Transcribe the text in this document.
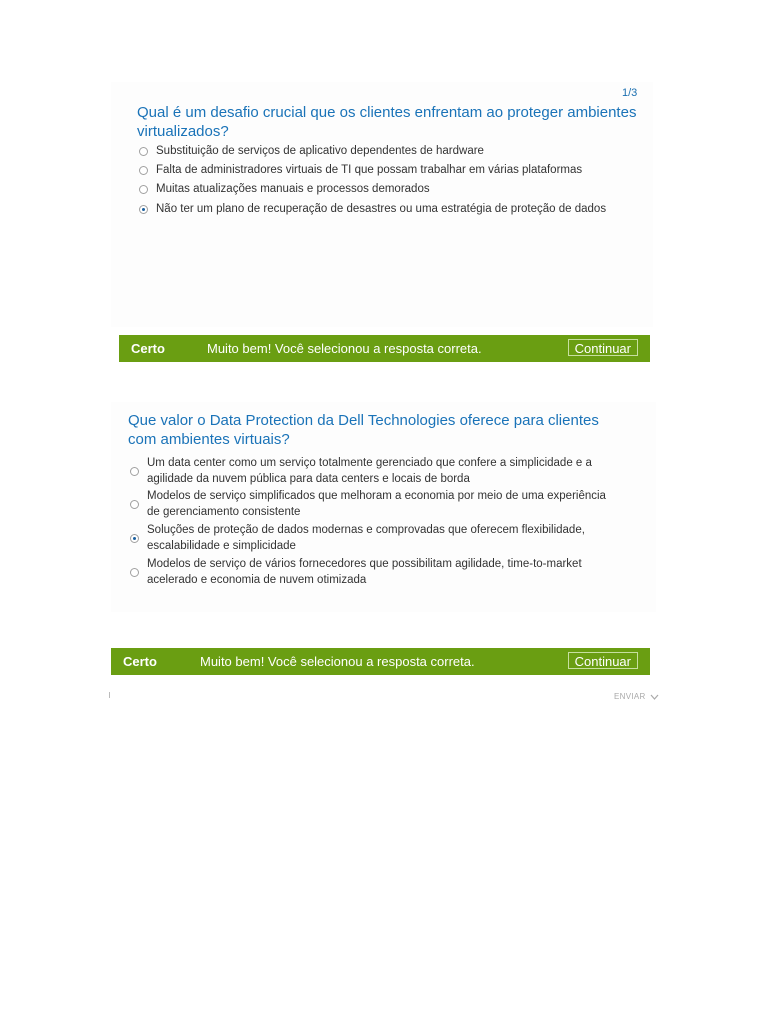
1/3
Qual é um desafio crucial que os clientes enfrentam ao proteger ambientes virtualizados?
Substituição de serviços de aplicativo dependentes de hardware
Falta de administradores virtuais de TI que possam trabalhar em várias plataformas
Muitas atualizações manuais e processos demorados
Não ter um plano de recuperação de desastres ou uma estratégia de proteção de dados
Certo	Muito bem! Você selecionou a resposta correta.	Continuar
Que valor o Data Protection da Dell Technologies oferece para clientes com ambientes virtuais?
Um data center como um serviço totalmente gerenciado que confere a simplicidade e a agilidade da nuvem pública para data centers e locais de borda
Modelos de serviço simplificados que melhoram a economia por meio de uma experiência de gerenciamento consistente
Soluções de proteção de dados modernas e comprovadas que oferecem flexibilidade, escalabilidade e simplicidade
Modelos de serviço de vários fornecedores que possibilitam agilidade, time-to-market acelerado e economia de nuvem otimizada
Certo	Muito bem! Você selecionou a resposta correta.	Continuar
ENVIAR
